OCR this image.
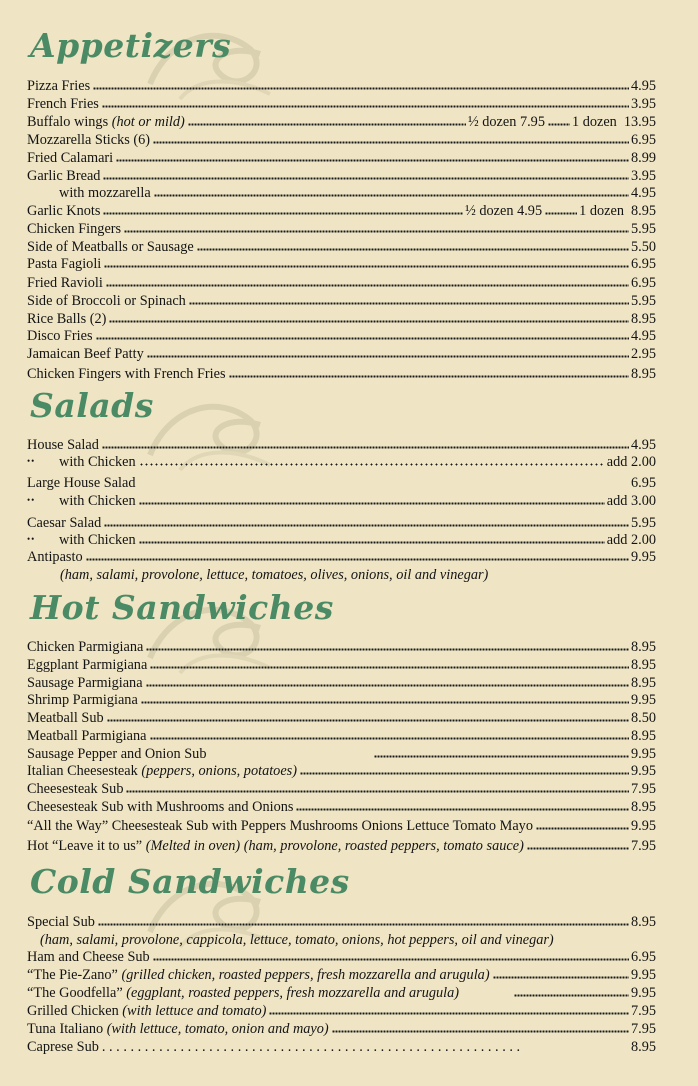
Appetizers
Pizza Fries	4.95
French Fries	3.95
Buffalo wings (hot or mild)	½ dozen 7.95 1 dozen 13.95
Mozzarella Sticks (6)	6.95
Fried Calamari	8.99
Garlic Bread	3.95
with mozzarella	4.95
Garlic Knots	½ dozen 4.95	1 dozen 8.95
Chicken Fingers	5.95
Side of Meatballs or Sausage	5.50
Pasta Fagioli	6.95
Fried Ravioli	6.95
Side of Broccoli or Spinach	5.95
Rice Balls (2)	8.95
Disco Fries	4.95
Jamaican Beef Patty	2.95
Chicken Fingers with French Fries	8.95
Salads
House Salad	4.95
•• with Chicken	add 2.00
Large House Salad	6.95
•• with Chicken	add 3.00
Caesar Salad	5.95
•• with Chicken	add 2.00
Antipasto	9.95
(ham, salami, provolone, lettuce, tomatoes, olives, onions, oil and vinegar)
Hot Sandwiches
Chicken Parmigiana	8.95
Eggplant Parmigiana	8.95
Sausage Parmigiana	8.95
Shrimp Parmigiana	9.95
Meatball Sub	8.50
Meatball Parmigiana	8.95
Sausage Pepper and Onion Sub	9.95
Italian Cheesesteak (peppers, onions, potatoes)	9.95
Cheesesteak Sub	7.95
Cheesesteak Sub with Mushrooms and Onions	8.95
“All the Way” Cheesesteak Sub with Peppers Mushrooms Onions Lettuce Tomato Mayo	9.95
Hot “Leave it to us” (Melted in oven) (ham, provolone, roasted peppers, tomato sauce)	7.95
Cold Sandwiches
Special Sub	8.95
(ham, salami, provolone, cappicola, lettuce, tomato, onions, hot peppers, oil and vinegar)
Ham and Cheese Sub	6.95
“The Pie-Zano” (grilled chicken, roasted peppers, fresh mozzarella and arugula)	9.95
“The Goodfella” (eggplant, roasted peppers, fresh mozzarella and arugula)	9.95
Grilled Chicken (with lettuce and tomato)	7.95
Tuna Italiano (with lettuce, tomato, onion and mayo)	7.95
Caprese Sub . . . . . . . . . . . . . . . . . . . . . . . . . . . . . . . . . . . . . . . . . . . . . . . . . . . . . . . . . . .	8.95
